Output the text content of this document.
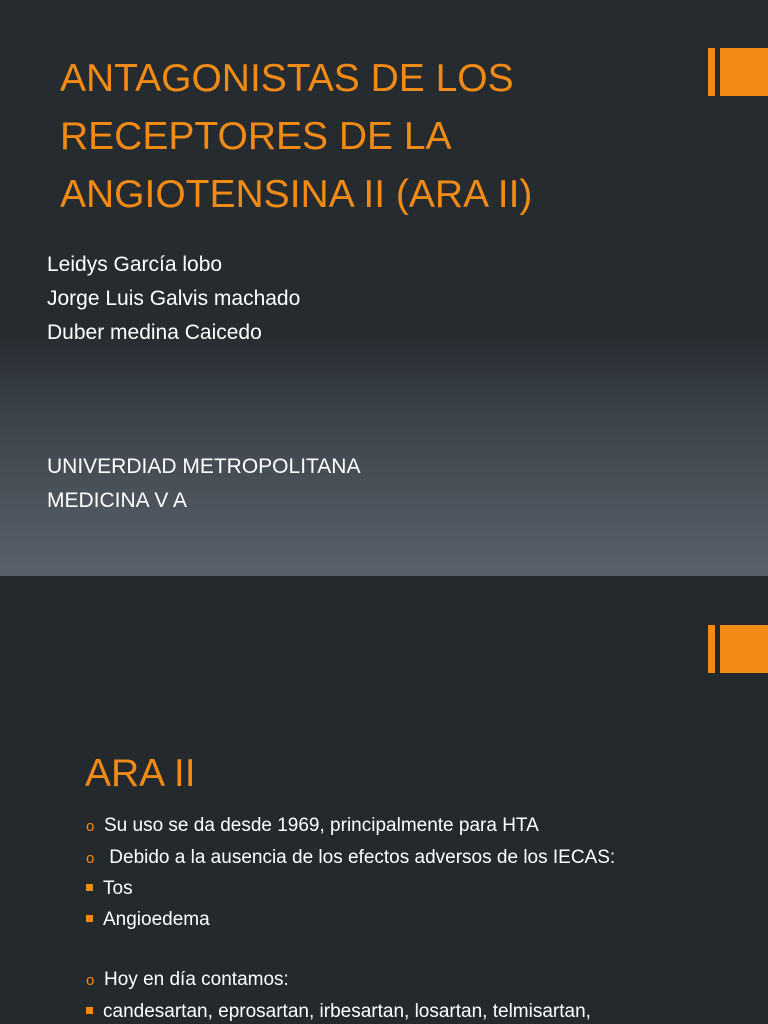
ANTAGONISTAS DE LOS
RECEPTORES DE LA
ANGIOTENSINA II (ARA II)
Leidys García lobo
Jorge Luis Galvis machado
Duber medina Caicedo
UNIVERDIAD METROPOLITANA
MEDICINA V A
ARA II
o Su uso se da desde 1969, principalmente para HTA
o Debido a la ausencia de los efectos adversos de los IECAS:
Tos
Angioedema
o Hoy en día contamos:
candesartan, eprosartan, irbesartan, losartan, telmisartan,
